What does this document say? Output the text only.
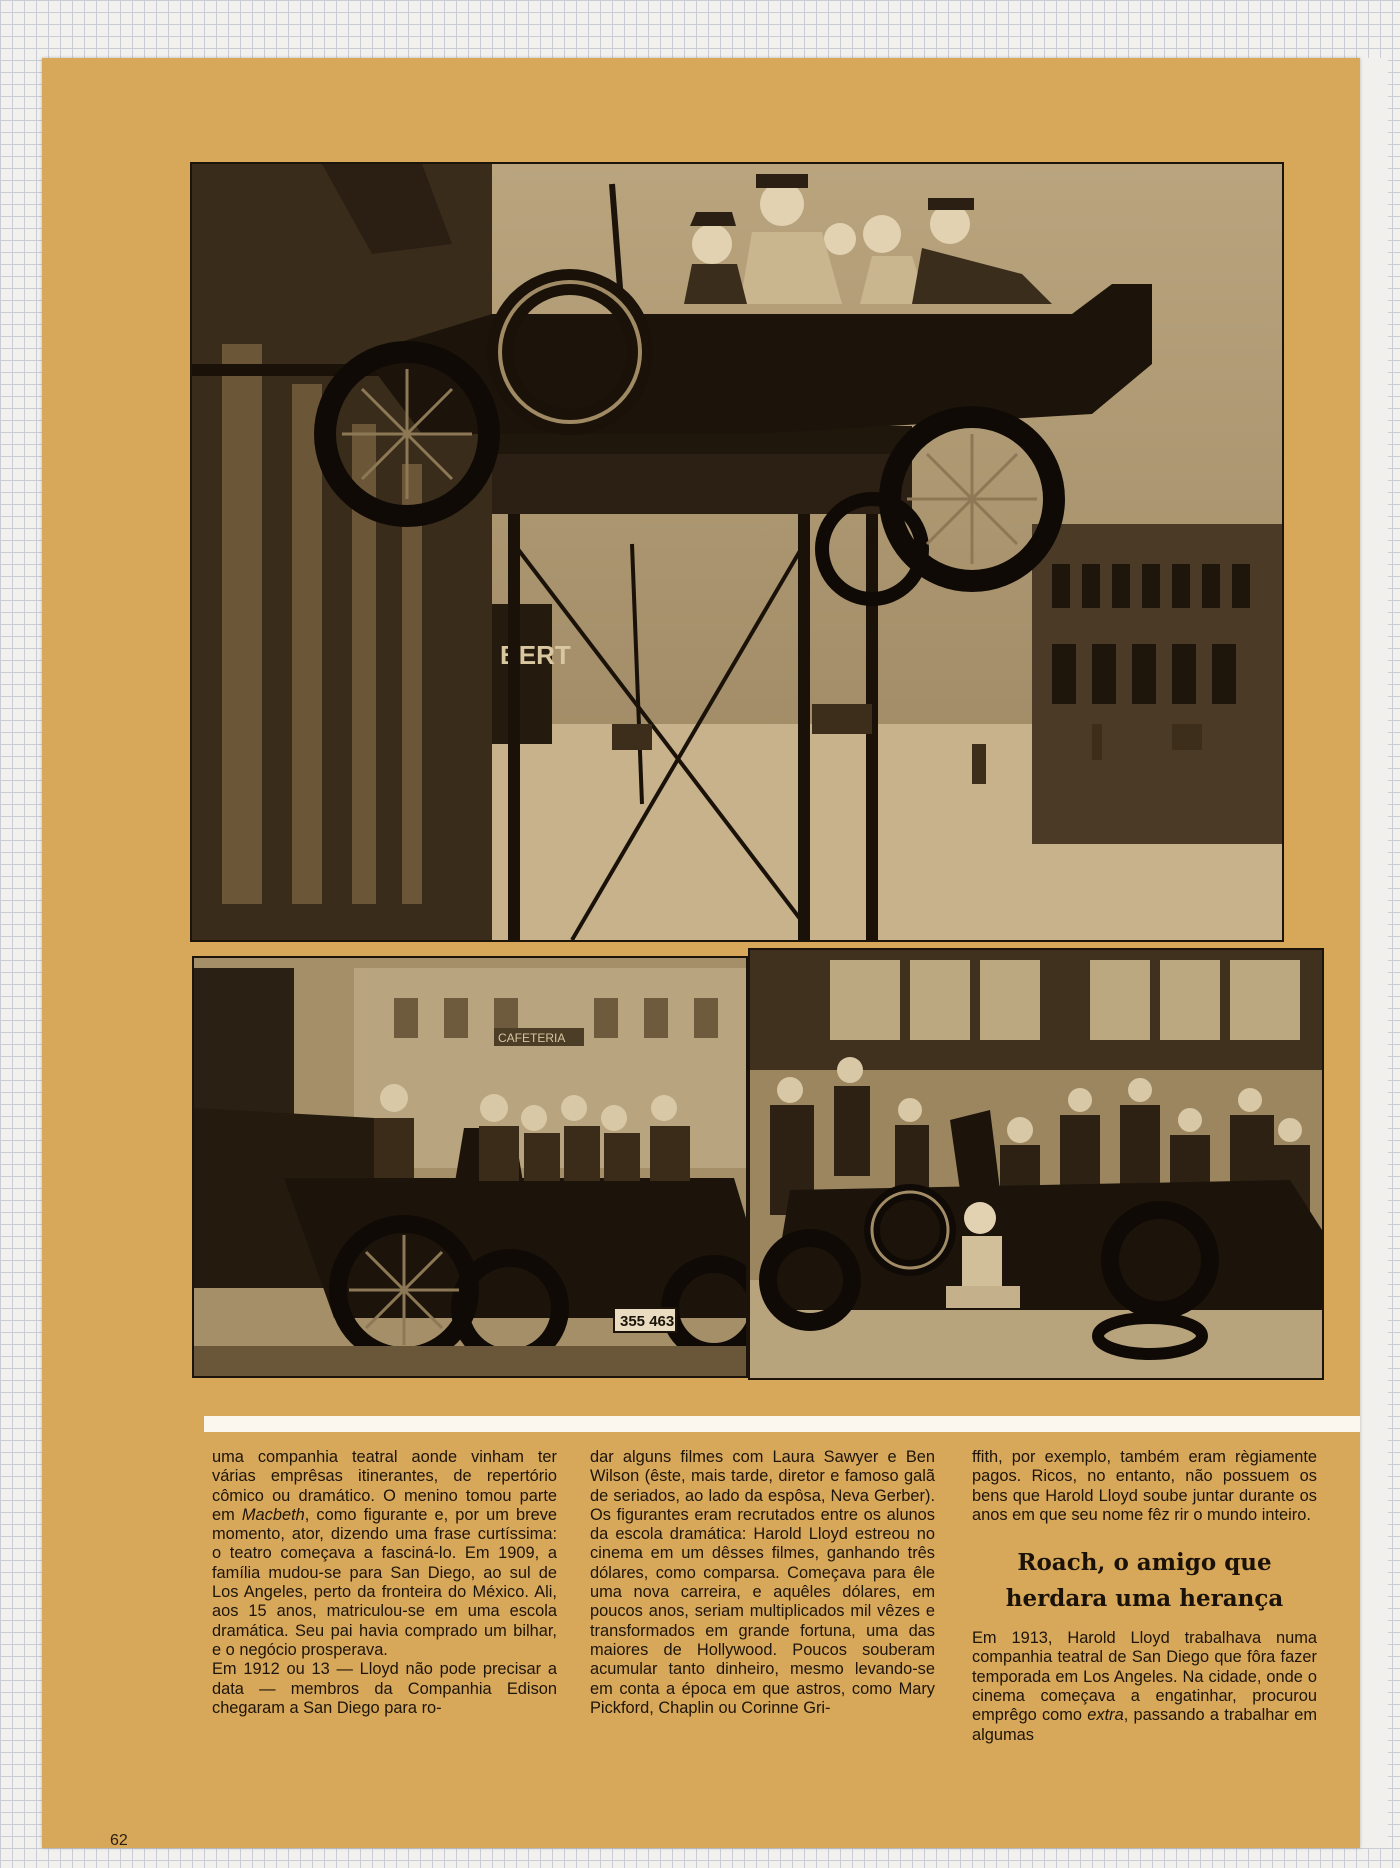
BERT
CAFETERIA
355 463

uma companhia teatral aonde vinham ter várias emprêsas itinerantes, de repertório cômico ou dramático. O menino tomou parte em Macbeth, como figurante e, por um breve momento, ator, dizendo uma frase curtíssima: o teatro começava a fasciná-lo. Em 1909, a família mudou-se para San Diego, ao sul de Los Angeles, perto da fronteira do México. Ali, aos 15 anos, matriculou-se em uma escola dramática. Seu pai havia comprado um bilhar, e o negócio prosperava.

Em 1912 ou 13 — Lloyd não pode precisar a data — membros da Companhia Edison chegaram a San Diego para ro-

dar alguns filmes com Laura Sawyer e Ben Wilson (êste, mais tarde, diretor e famoso galã de seriados, ao lado da espôsa, Neva Gerber). Os figurantes eram recrutados entre os alunos da escola dramática: Harold Lloyd estreou no cinema em um dêsses filmes, ganhando três dólares, como comparsa. Começava para êle uma nova carreira, e aquêles dólares, em poucos anos, seriam multiplicados mil vêzes e transformados em grande fortuna, uma das maiores de Hollywood. Poucos souberam acumular tanto dinheiro, mesmo levando-se em conta a época em que astros, como Mary Pickford, Chaplin ou Corinne Gri-

ffith, por exemplo, também eram règiamente pagos. Ricos, no entanto, não possuem os bens que Harold Lloyd soube juntar durante os anos em que seu nome fêz rir o mundo inteiro.

Roach, o amigo que
herdara uma herança

Em 1913, Harold Lloyd trabalhava numa companhia teatral de San Diego que fôra fazer temporada em Los Angeles. Na cidade, onde o cinema começava a engatinhar, procurou emprêgo como extra, passando a trabalhar em algumas

62
